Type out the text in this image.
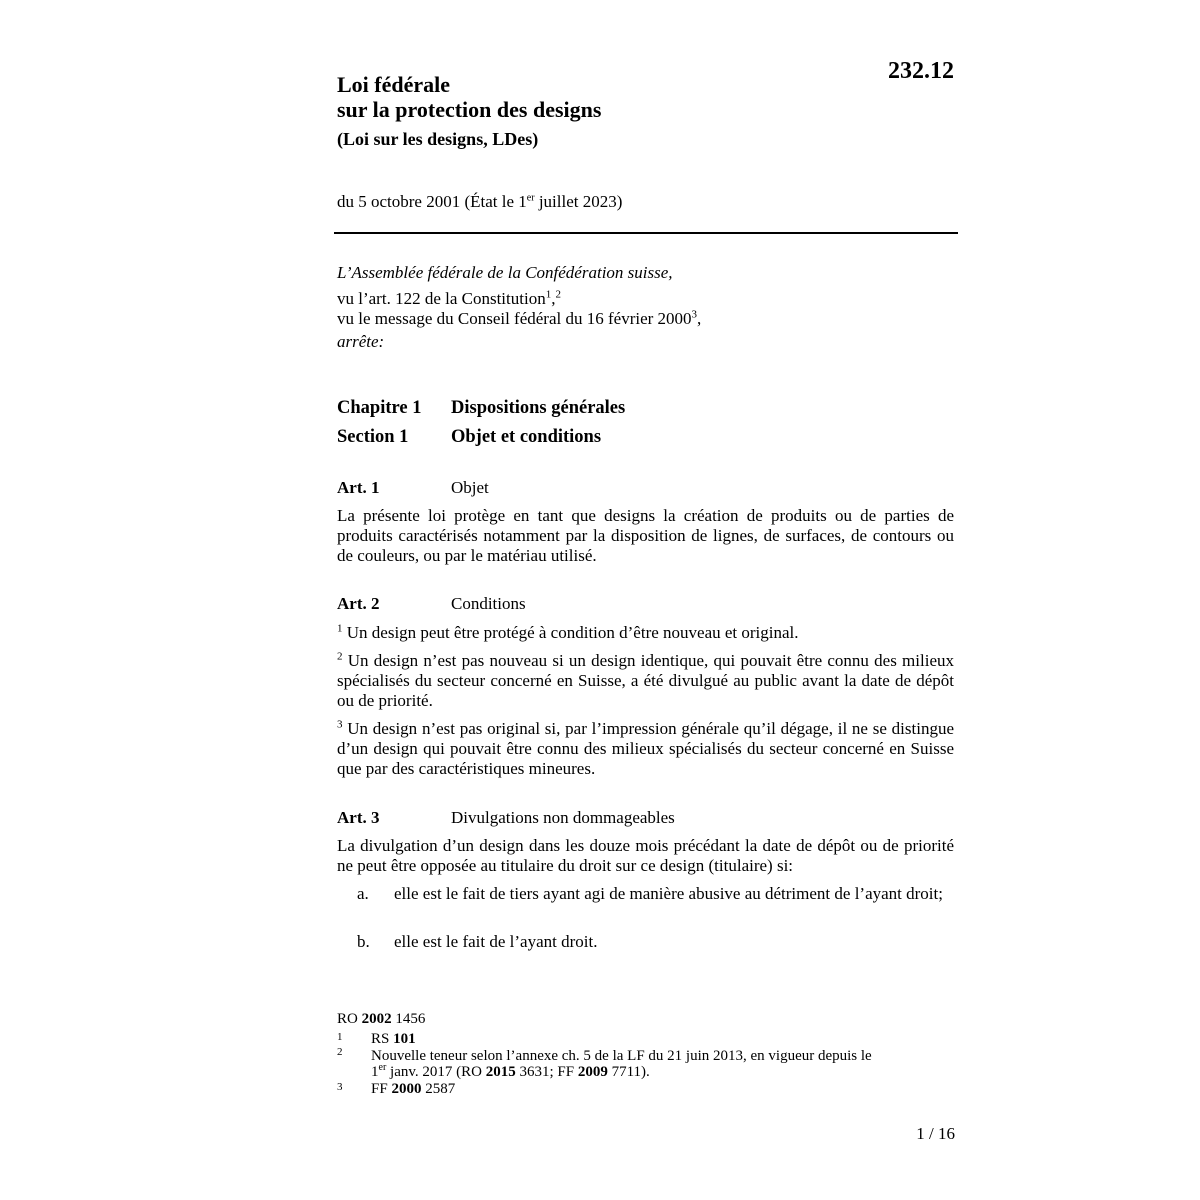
232.12
Loi fédérale
sur la protection des designs
(Loi sur les designs, LDes)
du 5 octobre 2001 (État le 1er juillet 2023)
L’Assemblée fédérale de la Confédération suisse,
vu l’art. 122 de la Constitution$^1$,$^2$
vu le message du Conseil fédéral du 16 février 2000$^3$,
arrête:
Chapitre 1 Dispositions générales
Section 1 Objet et conditions
Art. 1	Objet
La présente loi protège en tant que designs la création de produits ou de parties de produits caractérisés notamment par la disposition de lignes, de surfaces, de contours ou de couleurs, ou par le matériau utilisé.
Art. 2	Conditions
$^1$ Un design peut être protégé à condition d’être nouveau et original.
$^2$ Un design n’est pas nouveau si un design identique, qui pouvait être connu des milieux spécialisés du secteur concerné en Suisse, a été divulgué au public avant la date de dépôt ou de priorité.
$^3$ Un design n’est pas original si, par l’impression générale qu’il dégage, il ne se distingue d’un design qui pouvait être connu des milieux spécialisés du secteur concerné en Suisse que par des caractéristiques mineures.
Art. 3	Divulgations non dommageables
La divulgation d’un design dans les douze mois précédant la date de dépôt ou de priorité ne peut être opposée au titulaire du droit sur ce design (titulaire) si:
a. elle est le fait de tiers ayant agi de manière abusive au détriment de l’ayant droit;
b. elle est le fait de l’ayant droit.
RO 2002 1456
1 RS 101
2 Nouvelle teneur selon l’annexe ch. 5 de la LF du 21 juin 2013, en vigueur depuis le
1er janv. 2017 (RO 2015 3631; FF 2009 7711).
3 FF 2000 2587
1 / 16
